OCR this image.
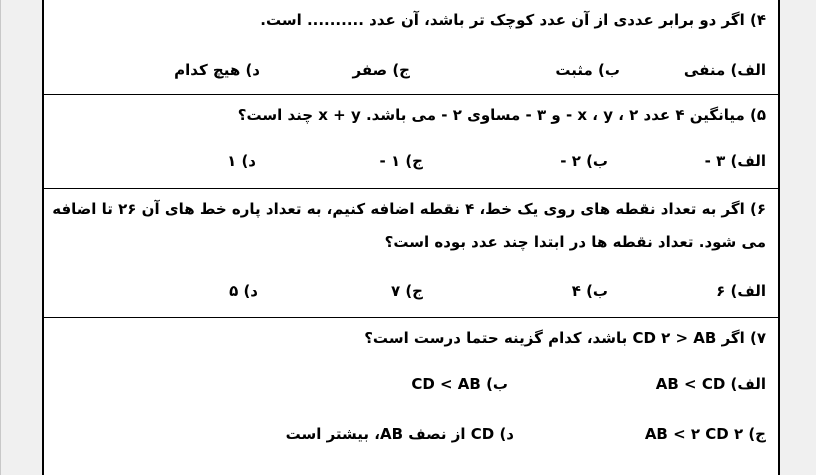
۴) اگر دو برابر عددی از آن عدد کوچک تر باشد، آن عدد .......... است.
الف) منفی
ب) مثبت
ج) صفر
د) هیچ کدام
۵) میانگین ۴ عدد x ، y ، ۲ - و ۳ - مساوی ۲ - می باشد. x + y چند است؟
الف) ۳ -
ب) ۲ -
ج) ۱ -
د) ۱
۶) اگر به تعداد نقطه های روی یک خط، ۴ نقطه اضافه کنیم، به تعداد پاره خط های آن ۲۶ تا اضافه
می شود. تعداد نقطه ها در ابتدا چند عدد بوده است؟
الف) ۶
ب) ۴
ج) ۷
د) ۵
۷) اگر CD ۲ > AB باشد، کدام گزینه حتما درست است؟
الف) AB < CD
ب) CD < AB
ج) ۲ AB < ۲ CD
د) CD از نصف AB، بیشتر است
